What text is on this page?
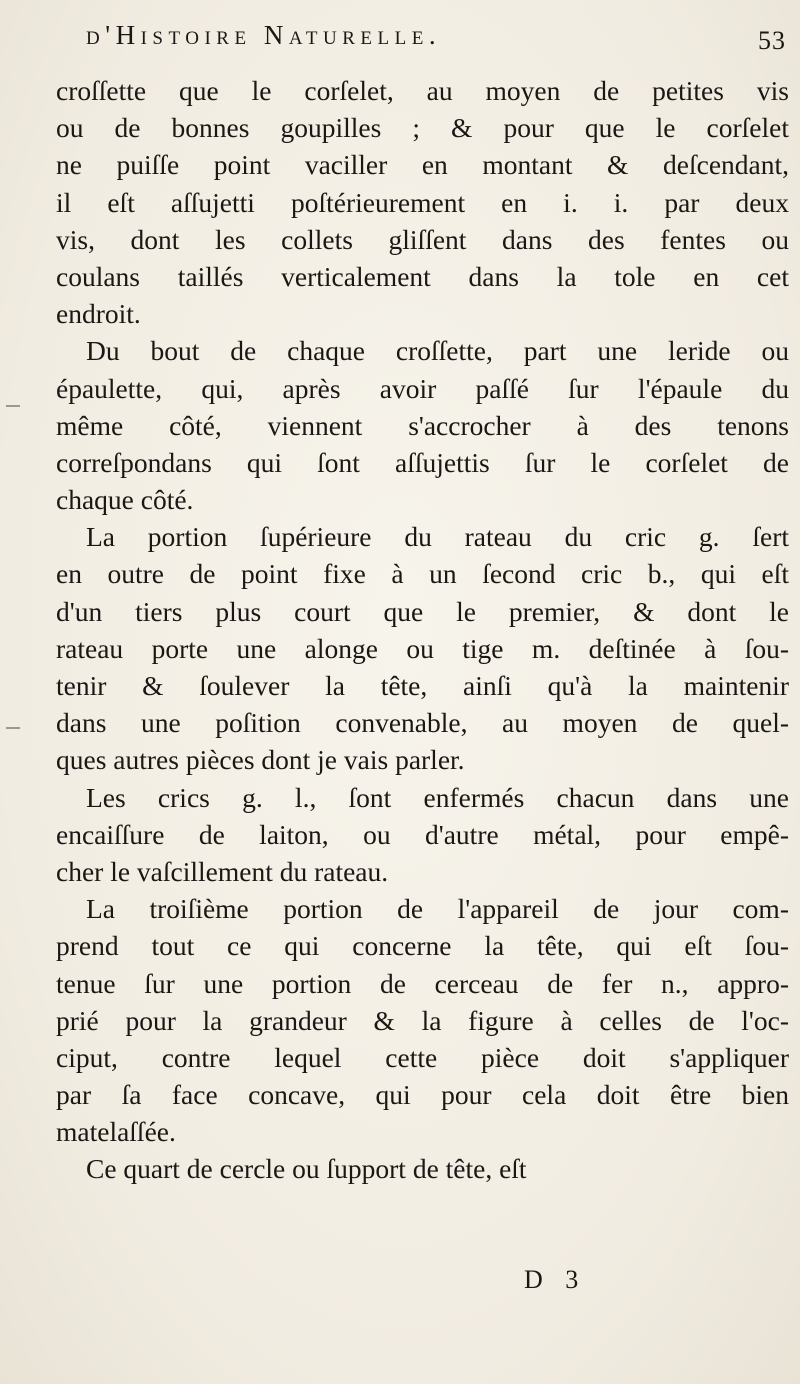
d'Histoire Naturelle.	53
croſſette que le corſelet, au moyen de petites vis
ou de bonnes goupilles ; & pour que le corſelet
ne puiſſe point vaciller en montant & deſcendant,
il eſt aſſujetti poſtérieurement en i. i. par deux
vis, dont les collets gliſſent dans des fentes ou
coulans taillés verticalement dans la tole en cet
endroit.
Du bout de chaque croſſette, part une leride ou
épaulette, qui, après avoir paſſé ſur l'épaule du
même côté, viennent s'accrocher à des tenons
correſpondans qui ſont aſſujettis ſur le corſelet de
chaque côté.
La portion ſupérieure du rateau du cric g. ſert
en outre de point fixe à un ſecond cric b., qui eſt
d'un tiers plus court que le premier, & dont le
rateau porte une alonge ou tige m. deſtinée à ſou-
tenir & ſoulever la tête, ainſi qu'à la maintenir
dans une poſition convenable, au moyen de quel-
ques autres pièces dont je vais parler.
Les crics g. l., ſont enfermés chacun dans une
encaiſſure de laiton, ou d'autre métal, pour empê-
cher le vaſcillement du rateau.
La troiſième portion de l'appareil de jour com-
prend tout ce qui concerne la tête, qui eſt ſou-
tenue ſur une portion de cerceau de fer n., appro-
prié pour la grandeur & la figure à celles de l'oc-
ciput, contre lequel cette pièce doit s'appliquer
par ſa face concave, qui pour cela doit être bien
matelaſſée.
Ce quart de cercle ou ſupport de tête, eſt
D 3
